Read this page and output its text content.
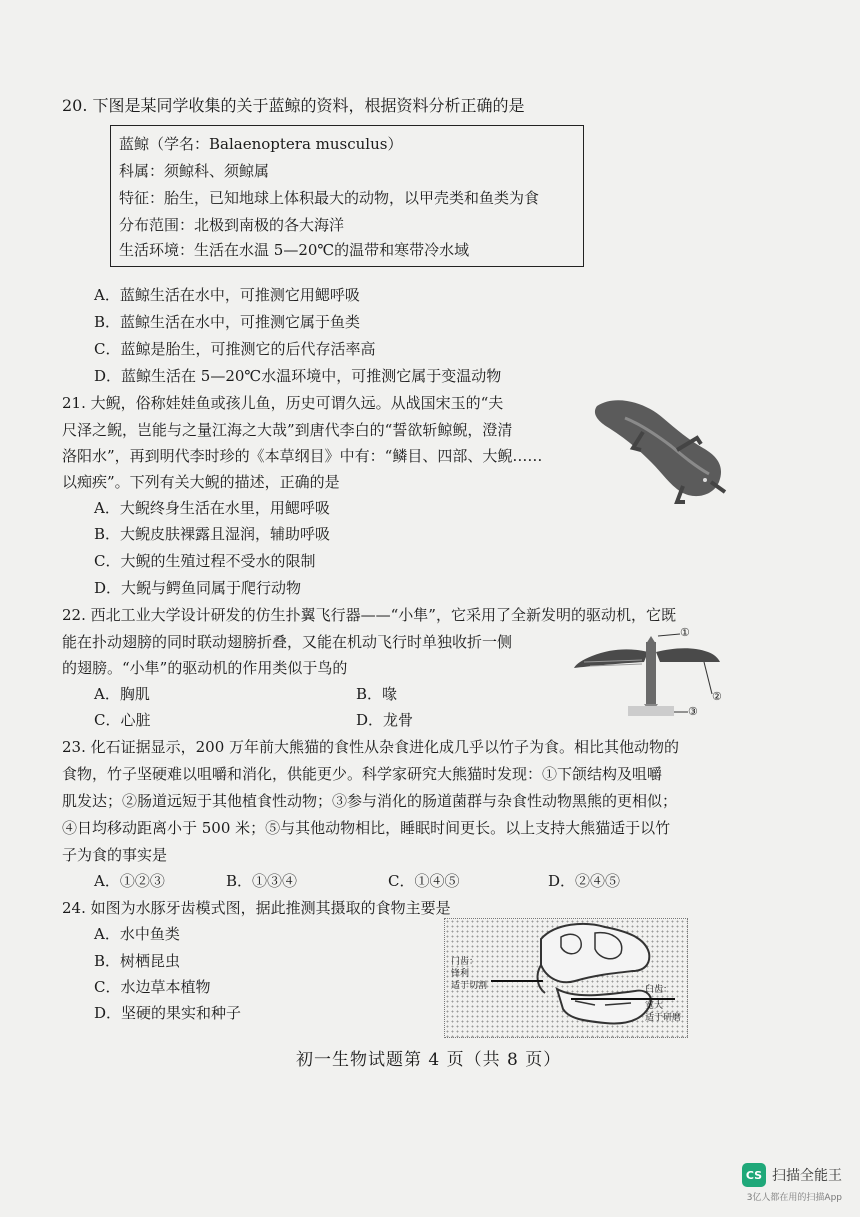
20. 下图是某同学收集的关于蓝鲸的资料，根据资料分析正确的是
蓝鲸（学名：Balaenoptera musculus）
科属：须鲸科、须鲸属
特征：胎生，已知地球上体积最大的动物，以甲壳类和鱼类为食
分布范围：北极到南极的各大海洋
生活环境：生活在水温 5—20℃的温带和寒带冷水域
A．蓝鲸生活在水中，可推测它用鳃呼吸
B．蓝鲸生活在水中，可推测它属于鱼类
C．蓝鲸是胎生，可推测它的后代存活率高
D．蓝鲸生活在 5—20℃水温环境中，可推测它属于变温动物
21. 大鲵，俗称娃娃鱼或孩儿鱼，历史可谓久远。从战国宋玉的“夫
尺泽之鲵，岂能与之量江海之大哉”到唐代李白的“誓欲斩鲸鲵，澄清
洛阳水”，再到明代李时珍的《本草纲目》中有：“鳞目、四部、大鲵……
以痴疾”。下列有关大鲵的描述，正确的是
A．大鲵终身生活在水里，用鳃呼吸
B．大鲵皮肤裸露且湿润，辅助呼吸
C．大鲵的生殖过程不受水的限制
D．大鲵与鳄鱼同属于爬行动物
22. 西北工业大学设计研发的仿生扑翼飞行器——“小隼”，它采用了全新发明的驱动机，它既
能在扑动翅膀的同时联动翅膀折叠，又能在机动飞行时单独收折一侧
的翅膀。“小隼”的驱动机的作用类似于鸟的
A．胸肌	B．喙
C．心脏	D．龙骨
①
②
③
23. 化石证据显示，200 万年前大熊猫的食性从杂食进化成几乎以竹子为食。相比其他动物的
食物，竹子坚硬难以咀嚼和消化，供能更少。科学家研究大熊猫时发现：①下颌结构及咀嚼
肌发达；②肠道远短于其他植食性动物；③参与消化的肠道菌群与杂食性动物黑熊的更相似；
④日均移动距离小于 500 米；⑤与其他动物相比，睡眠时间更长。以上支持大熊猫适于以竹
子为食的事实是
A．①②③	B．①③④	C．①④⑤	D．②④⑤
24. 如图为水豚牙齿模式图，据此推测其摄取的食物主要是
A．水中鱼类
B．树栖昆虫
C．水边草本植物
D．坚硬的果实和种子
门齿：
锋利
适于切割	臼齿：
宽大
适于研磨
初一生物试题第 4 页（共 8 页）
CS 扫描全能王
3亿人都在用的扫描App
